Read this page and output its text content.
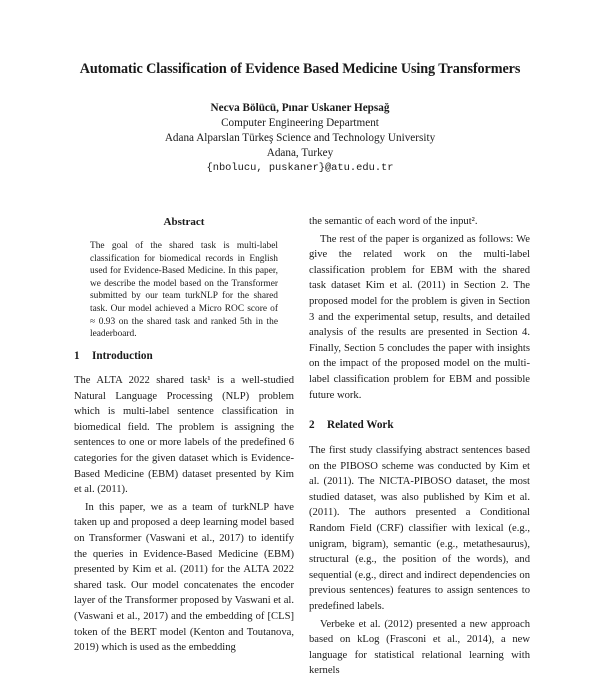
Automatic Classification of Evidence Based Medicine Using Transformers
Necva Bölücü, Pınar Uskaner Hepsağ
Computer Engineering Department
Adana Alparslan Türkeş Science and Technology University
Adana, Turkey
{nbolucu, puskaner}@atu.edu.tr
Abstract
The goal of the shared task is multi-label classification for biomedical records in English used for Evidence-Based Medicine. In this paper, we describe the model based on the Transformer submitted by our team turkNLP for the shared task. Our model achieved a Micro ROC score of ≈ 0.93 on the shared task and ranked 5th in the leaderboard.
1 Introduction

The ALTA 2022 shared task¹ is a well-studied Natural Language Processing (NLP) problem which is multi-label sentence classification in biomedical field. The problem is assigning the sentences to one or more labels of the predefined 6 categories for the given dataset which is Evidence-Based Medicine (EBM) dataset presented by Kim et al. (2011).

In this paper, we as a team of turkNLP have taken up and proposed a deep learning model based on Transformer (Vaswani et al., 2017) to identify the queries in Evidence-Based Medicine (EBM) presented by Kim et al. (2011) for the ALTA 2022 shared task. Our model concatenates the encoder layer of the Transformer proposed by Vaswani et al. (Vaswani et al., 2017) and the embedding of [CLS] token of the BERT model (Kenton and Toutanova, 2019) which is used as the embedding

the semantic of each word of the input².

The rest of the paper is organized as follows: We give the related work on the multi-label classification problem for EBM with the shared task dataset Kim et al. (2011) in Section 2. The proposed model for the problem is given in Section 3 and the experimental setup, results, and detailed analysis of the results are presented in Section 4. Finally, Section 5 concludes the paper with insights on the impact of the proposed model on the multi-label classification problem for EBM and possible future work.

2 Related Work

The first study classifying abstract sentences based on the PIBOSO scheme was conducted by Kim et al. (2011). The NICTA-PIBOSO dataset, the most studied dataset, was also published by Kim et al. (2011). The authors presented a Conditional Random Field (CRF) classifier with lexical (e.g., unigram, bigram), semantic (e.g., metathesaurus), structural (e.g., the position of the words), and sequential (e.g., direct and indirect dependencies on previous sentences) features to assign sentences to predefined labels.

Verbeke et al. (2012) presented a new approach based on kLog (Frasconi et al., 2014), a new language for statistical relational learning with kernels
